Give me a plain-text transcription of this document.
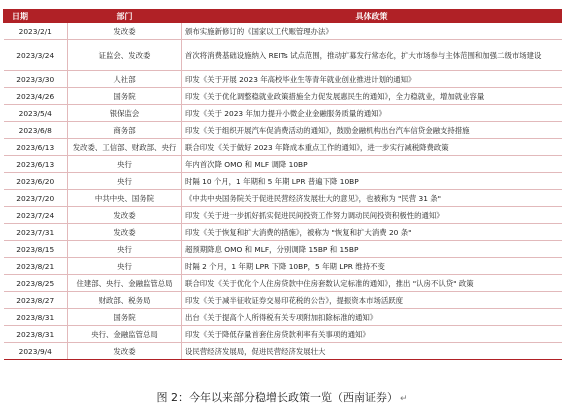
日期	部门	具体政策
2023/2/1	发改委	颁布实施新修订的《国家以工代赈管理办法》
2023/3/24	证监会、发改委	首次将消费基础设施纳入 REITs 试点范围，推动扩募发行常态化，扩大市场参与主体范围和加强二级市场建设
2023/3/30	人社部	印发《关于开展 2023 年高校毕业生等青年就业创业推进计划的通知》
2023/4/26	国务院	印发《关于优化调整稳就业政策措施全力促发展惠民生的通知》，全力稳就业，增加就业容量
2023/5/4	银保监会	印发《关于 2023 年加力提升小微企业金融服务质量的通知》
2023/6/8	商务部	印发《关于组织开展汽车促消费活动的通知》，鼓励金融机构出台汽车信贷金融支持措施
2023/6/13	发改委、工信部、财政部、央行	联合印发《关于做好 2023 年降成本重点工作的通知》，进一步实行减税降费政策
2023/6/13	央行	年内首次降 OMO 和 MLF 调降 10BP
2023/6/20	央行	时隔 10 个月，1 年期和 5 年期 LPR 普遍下降 10BP
2023/7/20	中共中央、国务院	《中共中央国务院关于促进民营经济发展壮大的意见》，也被称为 "民营 31 条"
2023/7/24	发改委	印发《关于进一步抓好抓实促进民间投资工作努力调动民间投资积极性的通知》
2023/7/31	发改委	印发《关于恢复和扩大消费的措施》，被称为 "恢复和扩大消费 20 条"
2023/8/15	央行	超预期降息 OMO 和 MLF，分别调降 15BP 和 15BP
2023/8/21	央行	时隔 2 个月，1 年期 LPR 下降 10BP，5 年期 LPR 维持不变
2023/8/25	住建部、央行、金融监管总局	联合印发《关于优化个人住房贷款中住房套数认定标准的通知》，推出 "认房不认贷" 政策
2023/8/27	财政部、税务局	印发《关于减半征收证券交易印花税的公告》，提振资本市场活跃度
2023/8/31	国务院	出台《关于提高个人所得税有关专项附加扣除标准的通知》
2023/8/31	央行、金融监管总局	印发《关于降低存量首套住房贷款利率有关事项的通知》
2023/9/4	发改委	设民营经济发展局，促进民营经济发展壮大
图 2：今年以来部分稳增长政策一览（西南证券） ↵
